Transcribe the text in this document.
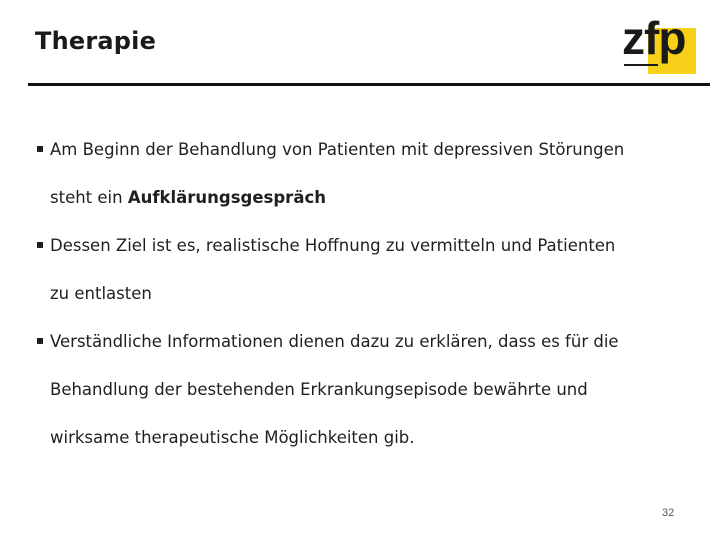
Therapie	zfp
Am Beginn der Behandlung von Patienten mit depressiven Störungen
steht ein Aufklärungsgespräch
Dessen Ziel ist es, realistische Hoffnung zu vermitteln und Patienten
zu entlasten
Verständliche Informationen dienen dazu zu erklären, dass es für die
Behandlung der bestehenden Erkrankungsepisode bewährte und
wirksame therapeutische Möglichkeiten gib.
32
